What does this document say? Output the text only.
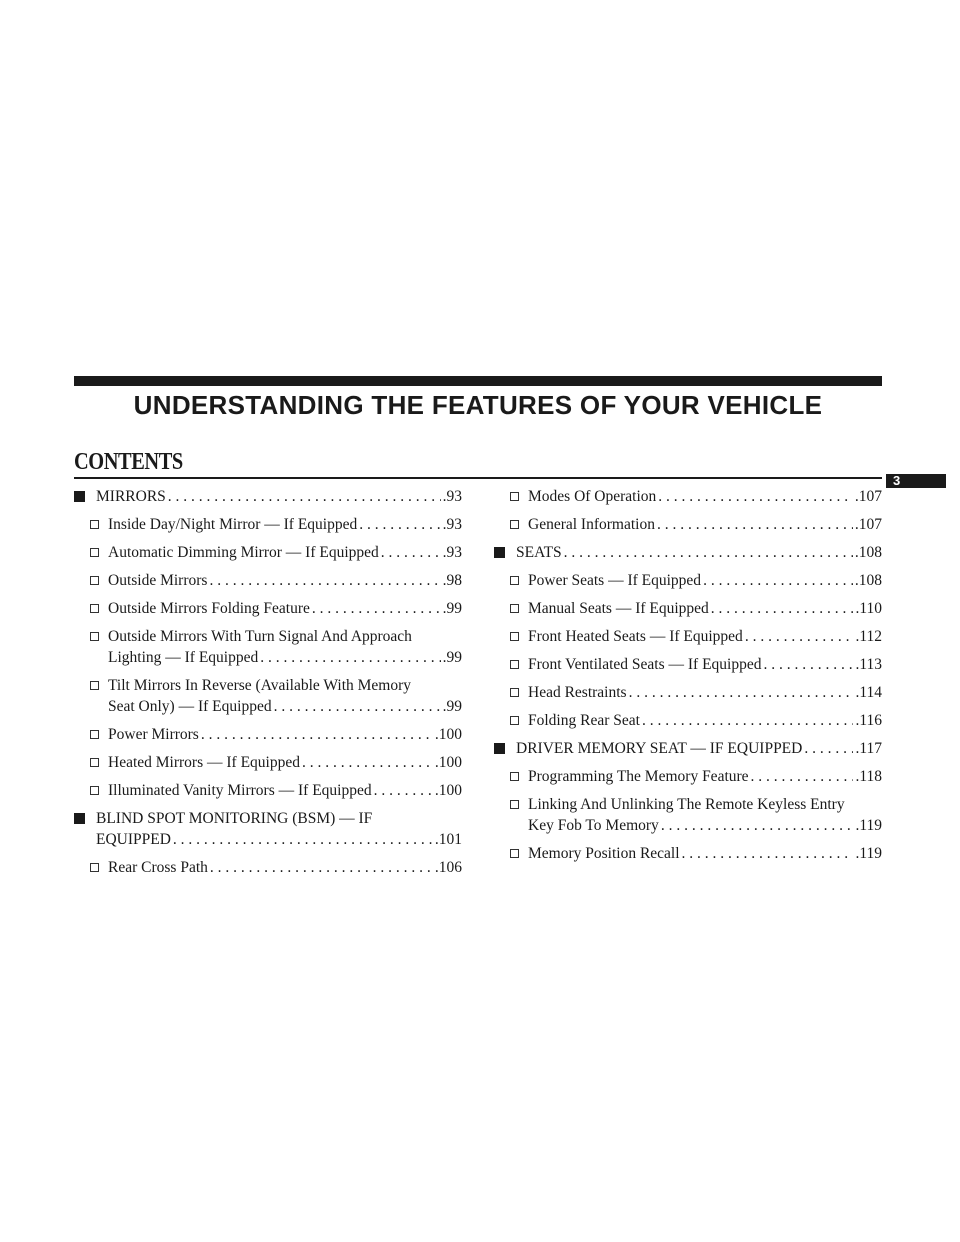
UNDERSTANDING THE FEATURES OF YOUR VEHICLE
CONTENTS
3
MIRRORS . . .	.93
Inside Day/Night Mirror — If Equipped . . .	.93
Automatic Dimming Mirror — If Equipped . . .	.93
Outside Mirrors . . .	.98
Outside Mirrors Folding Feature . . .	.99
Outside Mirrors With Turn Signal And Approach
Lighting — If Equipped . . .	.99
Tilt Mirrors In Reverse (Available With Memory
Seat Only) — If Equipped . . .	.99
Power Mirrors . . .	.100
Heated Mirrors — If Equipped . . .	.100
Illuminated Vanity Mirrors — If Equipped . . .	.100
BLIND SPOT MONITORING (BSM) — IF
EQUIPPED . . .	.101
Rear Cross Path . . .	.106
Modes Of Operation . . .	.107
General Information . . .	.107
SEATS . . .	.108
Power Seats — If Equipped . . .	.108
Manual Seats — If Equipped . . .	.110
Front Heated Seats — If Equipped . . .	.112
Front Ventilated Seats — If Equipped . . .	.113
Head Restraints . . .	.114
Folding Rear Seat . . .	.116
DRIVER MEMORY SEAT — IF EQUIPPED . . .	.117
Programming The Memory Feature . . .	.118
Linking And Unlinking The Remote Keyless Entry
Key Fob To Memory . . .	.119
Memory Position Recall . . .	.119
